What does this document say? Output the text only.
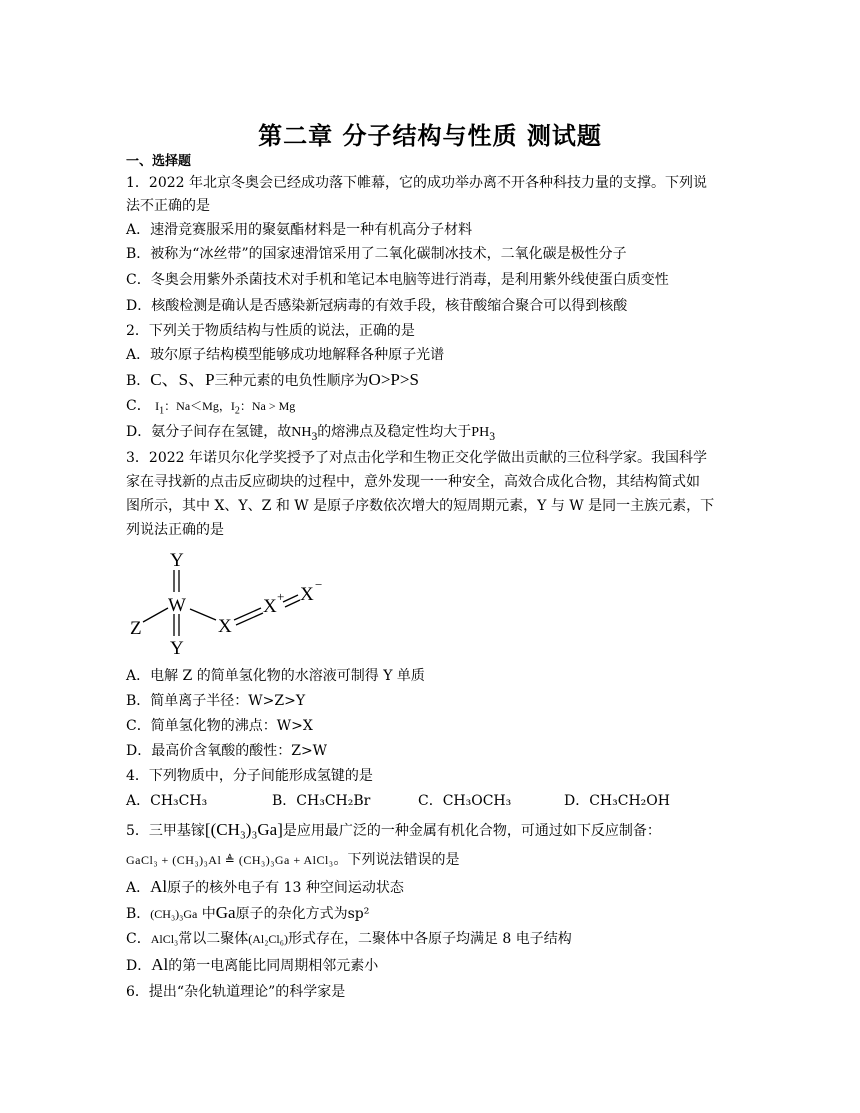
第二章 分子结构与性质 测试题
一、选择题
1．2022 年北京冬奥会已经成功落下帷幕，它的成功举办离不开各种科技力量的支撑。下列说
法不正确的是
A．速滑竞赛服采用的聚氨酯材料是一种有机高分子材料
B．被称为“冰丝带”的国家速滑馆采用了二氧化碳制冰技术，二氧化碳是极性分子
C．冬奥会用紫外杀菌技术对手机和笔记本电脑等进行消毒，是利用紫外线使蛋白质变性
D．核酸检测是确认是否感染新冠病毒的有效手段，核苷酸缩合聚合可以得到核酸
2．下列关于物质结构与性质的说法，正确的是
A．玻尔原子结构模型能够成功地解释各种原子光谱
B．C、S、P三种元素的电负性顺序为O>P>S
C． $I_1$：Na＜Mg，$I_2$：Na > Mg
D．氨分子间存在氢键，故$NH_3$的熔沸点及稳定性均大于$PH_3$
3．2022 年诺贝尔化学奖授予了对点击化学和生物正交化学做出贡献的三位科学家。我国科学
家在寻找新的点击反应砌块的过程中，意外发现一一种安全，高效合成化合物，其结构简式如
图所示，其中 X、Y、Z 和 W 是原子序数依次增大的短周期元素，Y 与 W 是同一主族元素，下
列说法正确的是
Y
W
Y
Z	X
X + X −
A．电解 Z 的简单氢化物的水溶液可制得 Y 单质
B．简单离子半径：W>Z>Y
C．简单氢化物的沸点：W>X
D．最高价含氧酸的酸性：Z>W
4．下列物质中，分子间能形成氢键的是
A．CH₃CH₃	B．CH₃CH₂Br	C．CH₃OCH₃	D．CH₃CH₂OH
5．三甲基镓[(CH₃)₃Ga]是应用最广泛的一种金属有机化合物，可通过如下反应制备：
GaCl₃ + (CH₃)₃Al ≜ (CH₃)₃Ga + AlCl₃。下列说法错误的是
A．Al原子的核外电子有 13 种空间运动状态
B．(CH₃)₃Ga 中Ga原子的杂化方式为sp²
C．AlCl₃常以二聚体(Al₂Cl₆)形式存在，二聚体中各原子均满足 8 电子结构
D．Al的第一电离能比同周期相邻元素小
6．提出“杂化轨道理论”的科学家是
